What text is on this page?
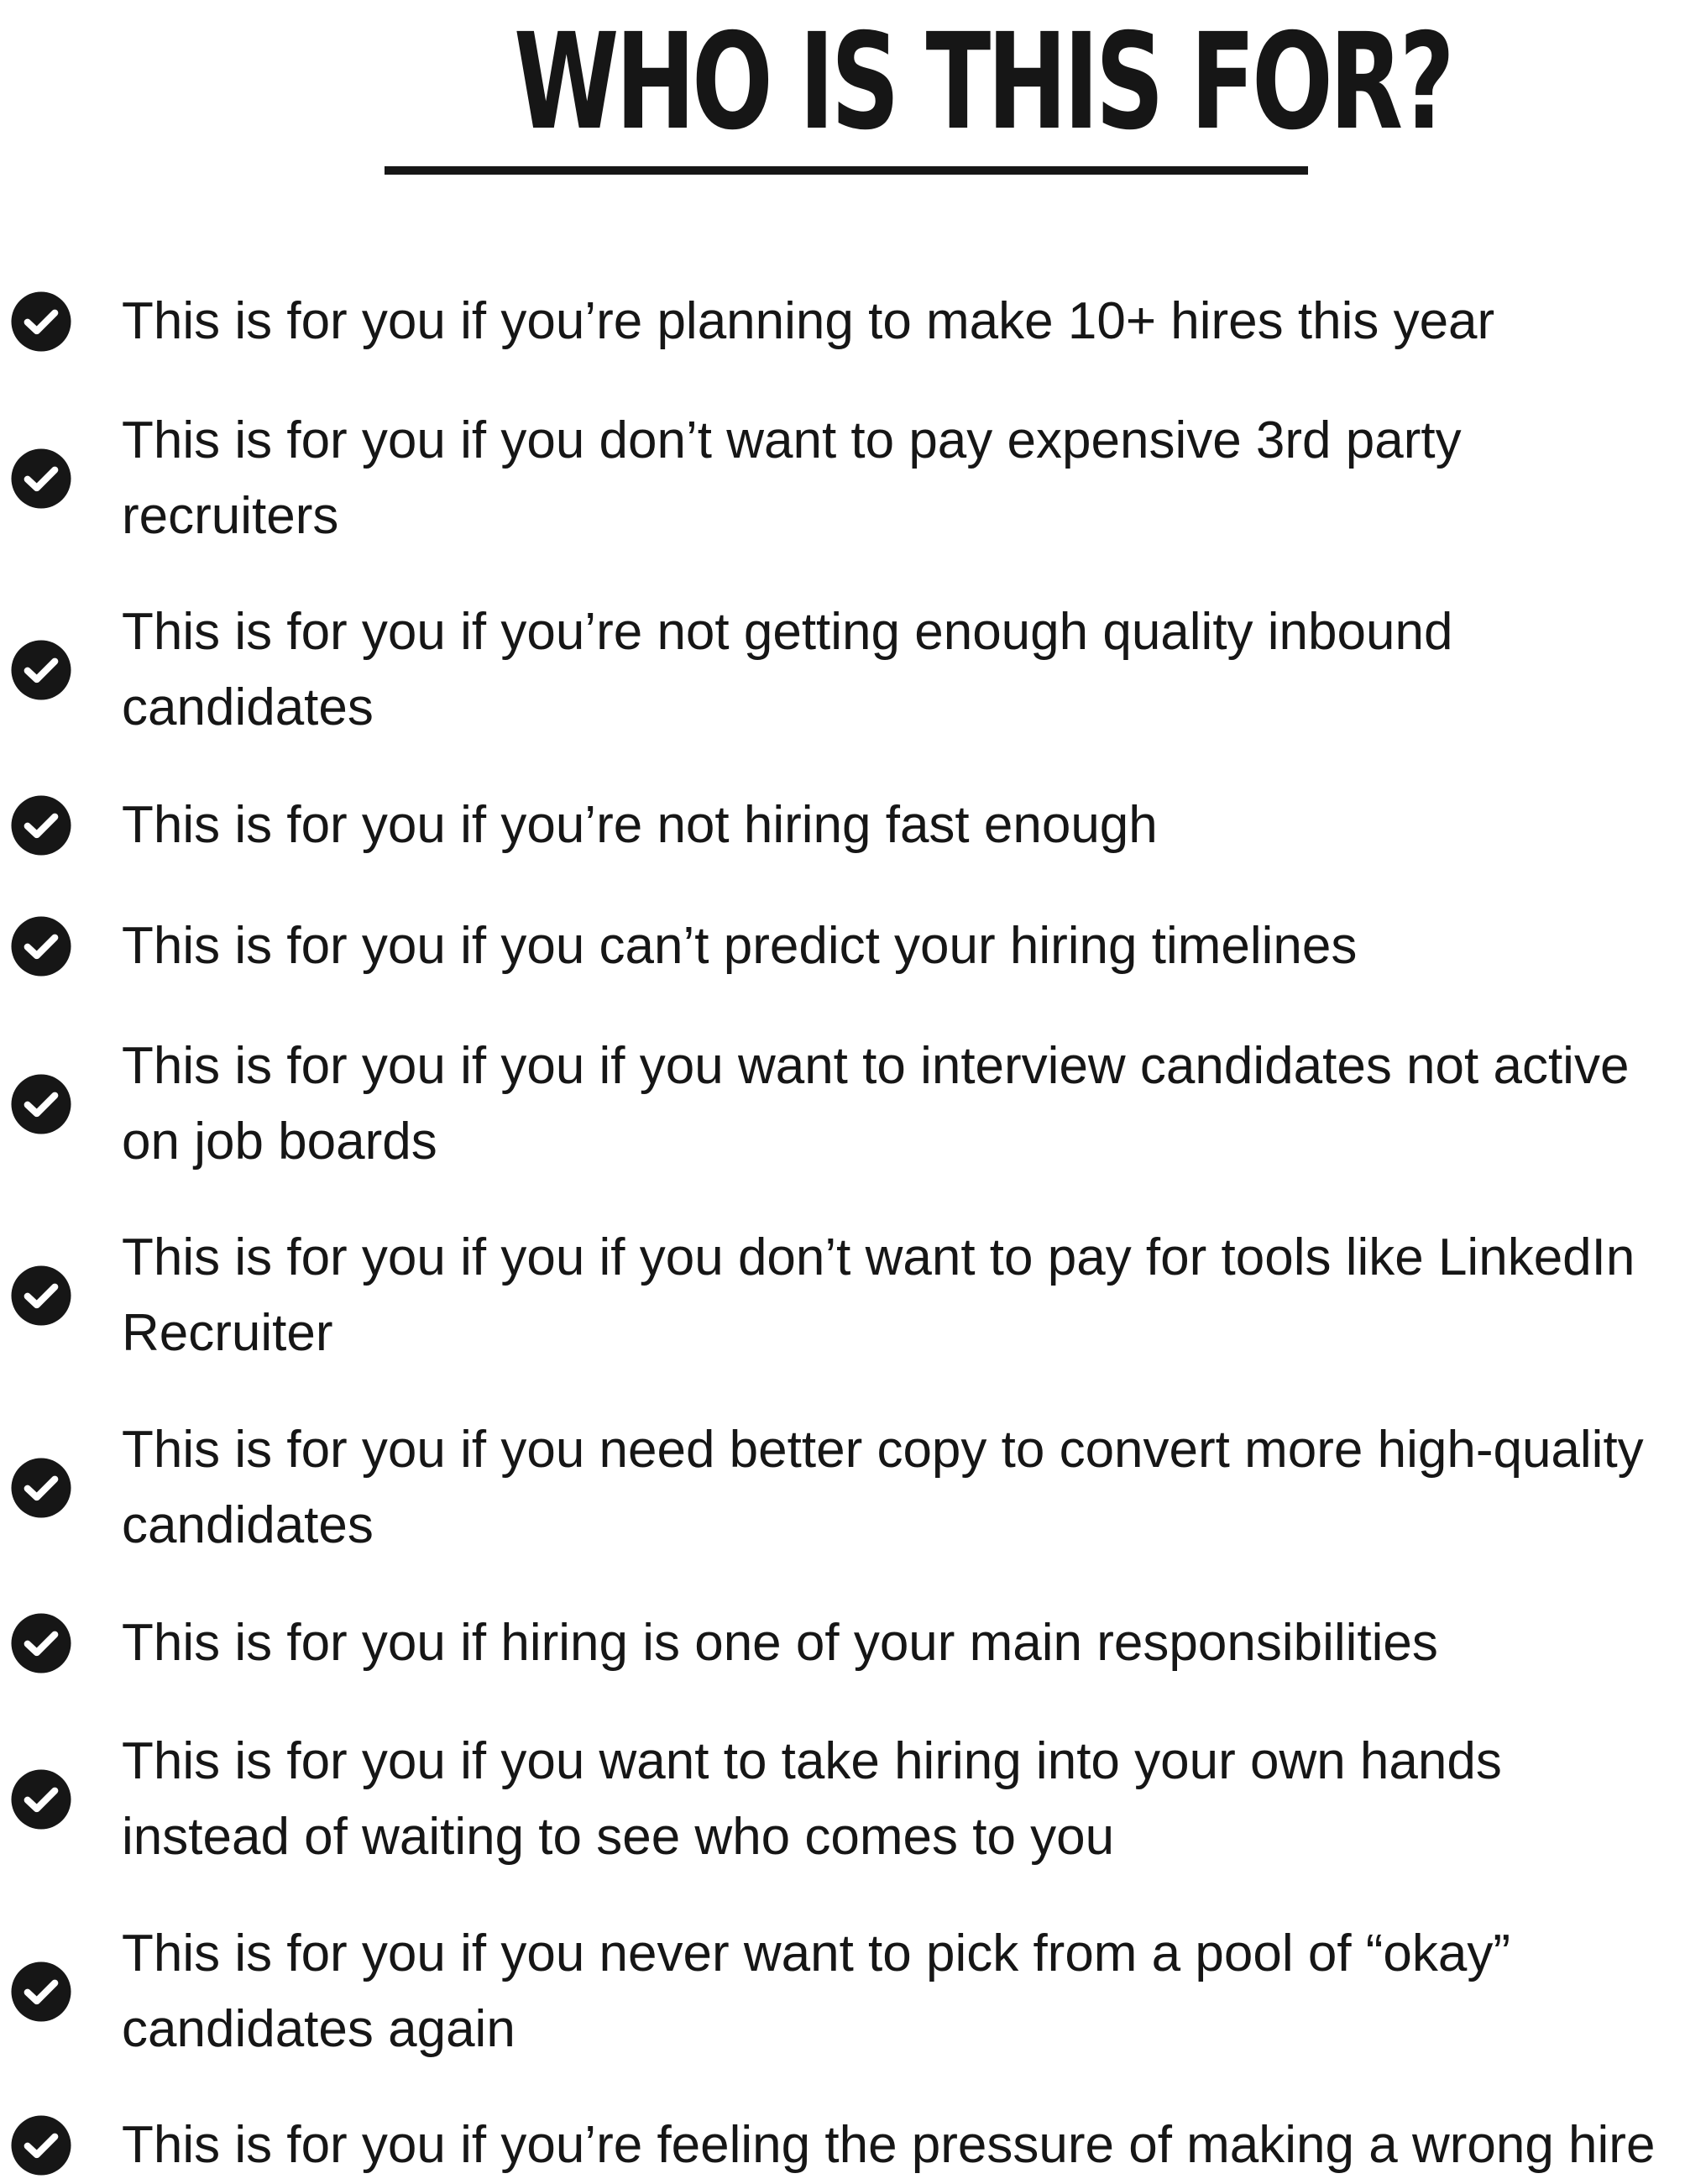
WHO IS THIS FOR?
This is for you if you’re planning to make 10+ hires this year
This is for you if you don’t want to pay expensive 3rd party recruiters
This is for you if you’re not getting enough quality inbound candidates
This is for you if you’re not hiring fast enough
This is for you if you can’t predict your hiring timelines
This is for you if you if you want to interview candidates not active on job boards
This is for you if you if you don’t want to pay for tools like LinkedIn Recruiter
This is for you if you need better copy to convert more high-quality candidates
This is for you if hiring is one of your main responsibilities
This is for you if you want to take hiring into your own hands instead of waiting to see who comes to you
This is for you if you never want to pick from a pool of “okay” candidates again
This is for you if you’re feeling the pressure of making a wrong hire
